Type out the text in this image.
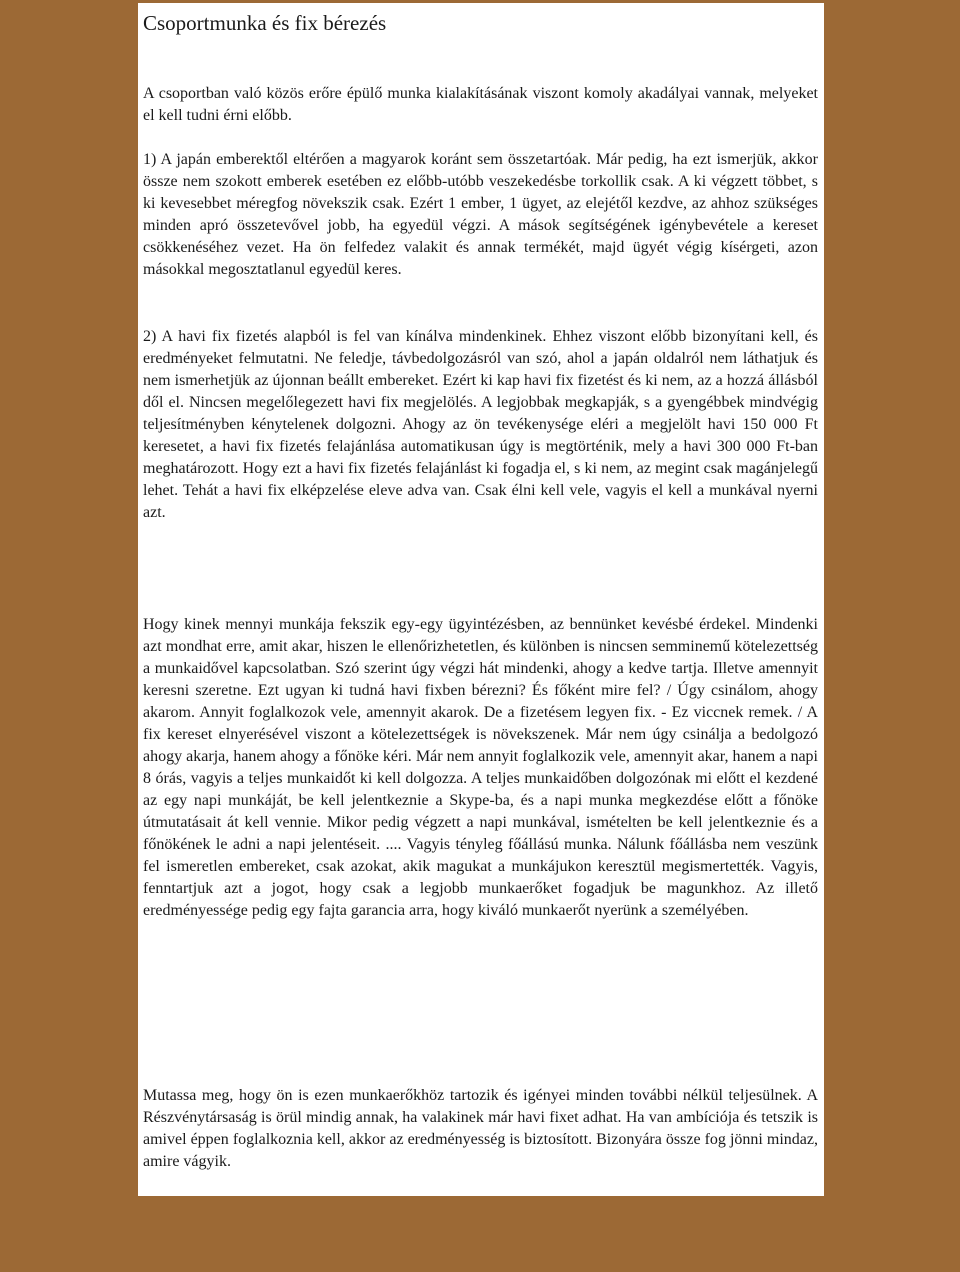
Csoportmunka és fix bérezés

A csoportban való közös erőre épülő munka kialakításának viszont komoly akadályai vannak, melyeket el kell tudni érni előbb.

1) A japán emberektől eltérően a magyarok koránt sem összetartóak. Már pedig, ha ezt ismerjük, akkor össze nem szokott emberek esetében ez előbb-utóbb veszekedésbe torkollik csak. A ki végzett többet, s ki kevesebbet méregfog növekszik csak. Ezért 1 ember, 1 ügyet, az elejétől kezdve, az ahhoz szükséges minden apró összetevővel jobb, ha egyedül végzi. A mások segítségének igénybevétele a kereset csökkenéséhez vezet. Ha ön felfedez valakit és annak termékét, majd ügyét végig kísérgeti, azon másokkal megosztatlanul egyedül keres.

2) A havi fix fizetés alapból is fel van kínálva mindenkinek. Ehhez viszont előbb bizonyítani kell, és eredményeket felmutatni. Ne feledje, távbedolgozásról van szó, ahol a japán oldalról nem láthatjuk és nem ismerhetjük az újonnan beállt embereket. Ezért ki kap havi fix fizetést és ki nem, az a hozzá állásból dől el. Nincsen megelőlegezett havi fix megjelölés. A legjobbak megkapják, s a gyengébbek mindvégig teljesítményben kénytelenek dolgozni. Ahogy az ön tevékenysége eléri a megjelölt havi 150 000 Ft keresetet, a havi fix fizetés felajánlása automatikusan úgy is megtörténik, mely a havi 300 000 Ft-ban meghatározott. Hogy ezt a havi fix fizetés felajánlást ki fogadja el, s ki nem, az megint csak magánjelegű lehet. Tehát a havi fix elképzelése eleve adva van. Csak élni kell vele, vagyis el kell a munkával nyerni azt.

Hogy kinek mennyi munkája fekszik egy-egy ügyintézésben, az bennünket kevésbé érdekel. Mindenki azt mondhat erre, amit akar, hiszen le ellenőrizhetetlen, és különben is nincsen semminemű kötelezettség a munkaidővel kapcsolatban. Szó szerint úgy végzi hát mindenki, ahogy a kedve tartja. Illetve amennyit keresni szeretne. Ezt ugyan ki tudná havi fixben bérezni? És főként mire fel? / Úgy csinálom, ahogy akarom. Annyit foglalkozok vele, amennyit akarok. De a fizetésem legyen fix. - Ez viccnek remek. / A fix kereset elnyerésével viszont a kötelezettségek is növekszenek. Már nem úgy csinálja a bedolgozó ahogy akarja, hanem ahogy a főnöke kéri. Már nem annyit foglalkozik vele, amennyit akar, hanem a napi 8 órás, vagyis a teljes munkaidőt ki kell dolgozza. A teljes munkaidőben dolgozónak mi előtt el kezdené az egy napi munkáját, be kell jelentkeznie a Skype-ba, és a napi munka megkezdése előtt a főnöke útmutatásait át kell vennie. Mikor pedig végzett a napi munkával, ismételten be kell jelentkeznie és a főnökének le adni a napi jelentéseit. .... Vagyis tényleg főállású munka. Nálunk főállásba nem veszünk fel ismeretlen embereket, csak azokat, akik magukat a munkájukon keresztül megismertették. Vagyis, fenntartjuk azt a jogot, hogy csak a legjobb munkaerőket fogadjuk be magunkhoz. Az illető eredményessége pedig egy fajta garancia arra, hogy kiváló munkaerőt nyerünk a személyében.

Mutassa meg, hogy ön is ezen munkaerőkhöz tartozik és igényei minden további nélkül teljesülnek. A Részvénytársaság is örül mindig annak, ha valakinek már havi fixet adhat. Ha van ambíciója és tetszik is amivel éppen foglalkoznia kell, akkor az eredményesség is biztosított. Bizonyára össze fog jönni mindaz, amire vágyik.
